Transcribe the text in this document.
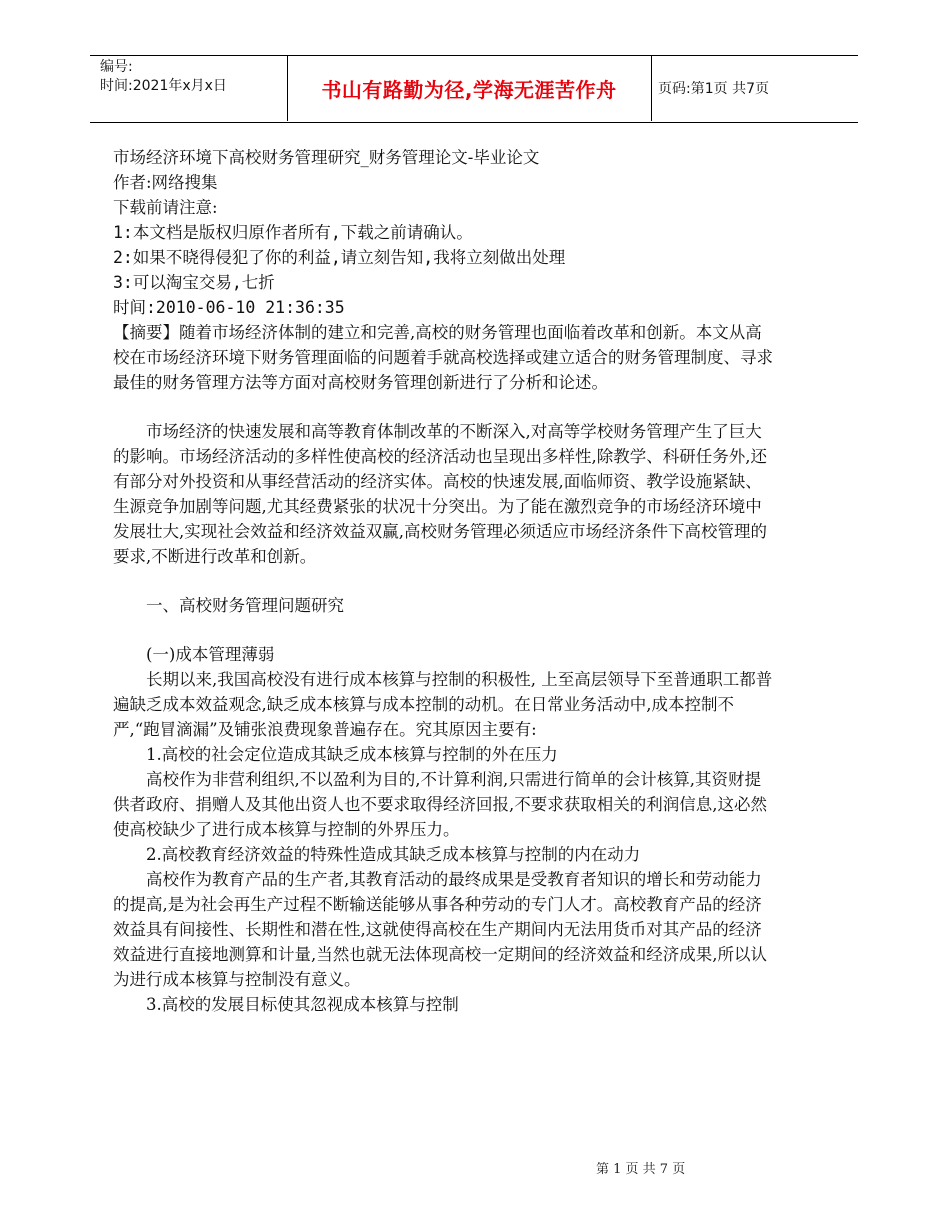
编号:
时间:2021年x月x日	书山有路勤为径,学海无涯苦作舟	页码:第1页 共7页

市场经济环境下高校财务管理研究_财务管理论文-毕业论文

作者:网络搜集

下载前请注意:

1:本文档是版权归原作者所有,下载之前请确认。

2:如果不晓得侵犯了你的利益,请立刻告知,我将立刻做出处理

3:可以淘宝交易,七折

时间:2010-06-10 21:36:35

【摘要】随着市场经济体制的建立和完善,高校的财务管理也面临着改革和创新。本文从高校在市场经济环境下财务管理面临的问题着手就高校选择或建立适合的财务管理制度、寻求最佳的财务管理方法等方面对高校财务管理创新进行了分析和论述。

市场经济的快速发展和高等教育体制改革的不断深入,对高等学校财务管理产生了巨大的影响。市场经济活动的多样性使高校的经济活动也呈现出多样性,除教学、科研任务外,还有部分对外投资和从事经营活动的经济实体。高校的快速发展,面临师资、教学设施紧缺、生源竞争加剧等问题,尤其经费紧张的状况十分突出。为了能在激烈竞争的市场经济环境中发展壮大,实现社会效益和经济效益双赢,高校财务管理必须适应市场经济条件下高校管理的要求,不断进行改革和创新。

一、高校财务管理问题研究

(一)成本管理薄弱

长期以来,我国高校没有进行成本核算与控制的积极性, 上至高层领导下至普通职工都普遍缺乏成本效益观念,缺乏成本核算与成本控制的动机。在日常业务活动中,成本控制不严,“跑冒滴漏”及铺张浪费现象普遍存在。究其原因主要有:

1.高校的社会定位造成其缺乏成本核算与控制的外在压力

高校作为非营利组织,不以盈利为目的,不计算利润,只需进行简单的会计核算,其资财提供者政府、捐赠人及其他出资人也不要求取得经济回报,不要求获取相关的利润信息,这必然使高校缺少了进行成本核算与控制的外界压力。

2.高校教育经济效益的特殊性造成其缺乏成本核算与控制的内在动力

高校作为教育产品的生产者,其教育活动的最终成果是受教育者知识的增长和劳动能力的提高,是为社会再生产过程不断输送能够从事各种劳动的专门人才。高校教育产品的经济效益具有间接性、长期性和潜在性,这就使得高校在生产期间内无法用货币对其产品的经济效益进行直接地测算和计量,当然也就无法体现高校一定期间的经济效益和经济成果,所以认为进行成本核算与控制没有意义。

3.高校的发展目标使其忽视成本核算与控制

第 1 页 共 7 页
